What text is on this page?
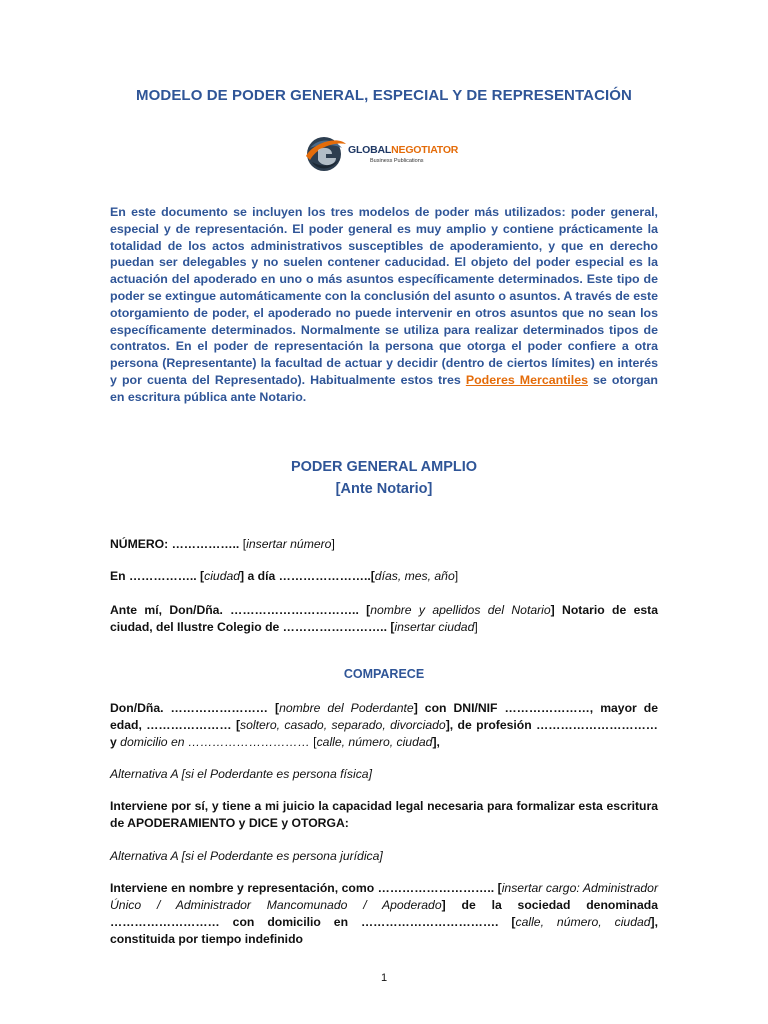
MODELO DE PODER GENERAL, ESPECIAL Y DE REPRESENTACIÓN
GLOBALNEGOTIATOR
Business Publications
En este documento se incluyen los tres modelos de poder más utilizados: poder general, especial y de representación. El poder general es muy amplio y contiene prácticamente la totalidad de los actos administrativos susceptibles de apoderamiento, y que en derecho puedan ser delegables y no suelen contener caducidad. El objeto del poder especial es la actuación del apoderado en uno o más asuntos específicamente determinados. Este tipo de poder se extingue automáticamente con la conclusión del asunto o asuntos. A través de este otorgamiento de poder, el apoderado no puede intervenir en otros asuntos que no sean los específicamente determinados. Normalmente se utiliza para realizar determinados tipos de contratos. En el poder de representación la persona que otorga el poder confiere a otra persona (Representante) la facultad de actuar y decidir (dentro de ciertos límites) en interés y por cuenta del Representado). Habitualmente estos tres Poderes Mercantiles se otorgan en escritura pública ante Notario.
PODER GENERAL AMPLIO
[Ante Notario]
NÚMERO: …………….. [insertar número]
En …………….. [ciudad] a día …………………..[días, mes, año]
Ante mí, Don/Dña. ………………………….. [nombre y apellidos del Notario] Notario de esta ciudad, del Ilustre Colegio de …………………….. [insertar ciudad]
COMPARECE
Don/Dña. …………………… [nombre del Poderdante] con DNI/NIF …………………, mayor de edad, ………………… [soltero, casado, separado, divorciado], de profesión ………………………… y domicilio en ………………………… [calle, número, ciudad],
Alternativa A [si el Poderdante es persona física]
Interviene por sí, y tiene a mi juicio la capacidad legal necesaria para formalizar esta escritura de APODERAMIENTO y DICE y OTORGA:
Alternativa A [si el Poderdante es persona jurídica]
Interviene en nombre y representación, como ……………………….. [insertar cargo: Administrador Único / Administrador Mancomunado / Apoderado] de la sociedad denominada ……………………… con domicilio en ……………………………. [calle, número, ciudad], constituida por tiempo indefinido
1
